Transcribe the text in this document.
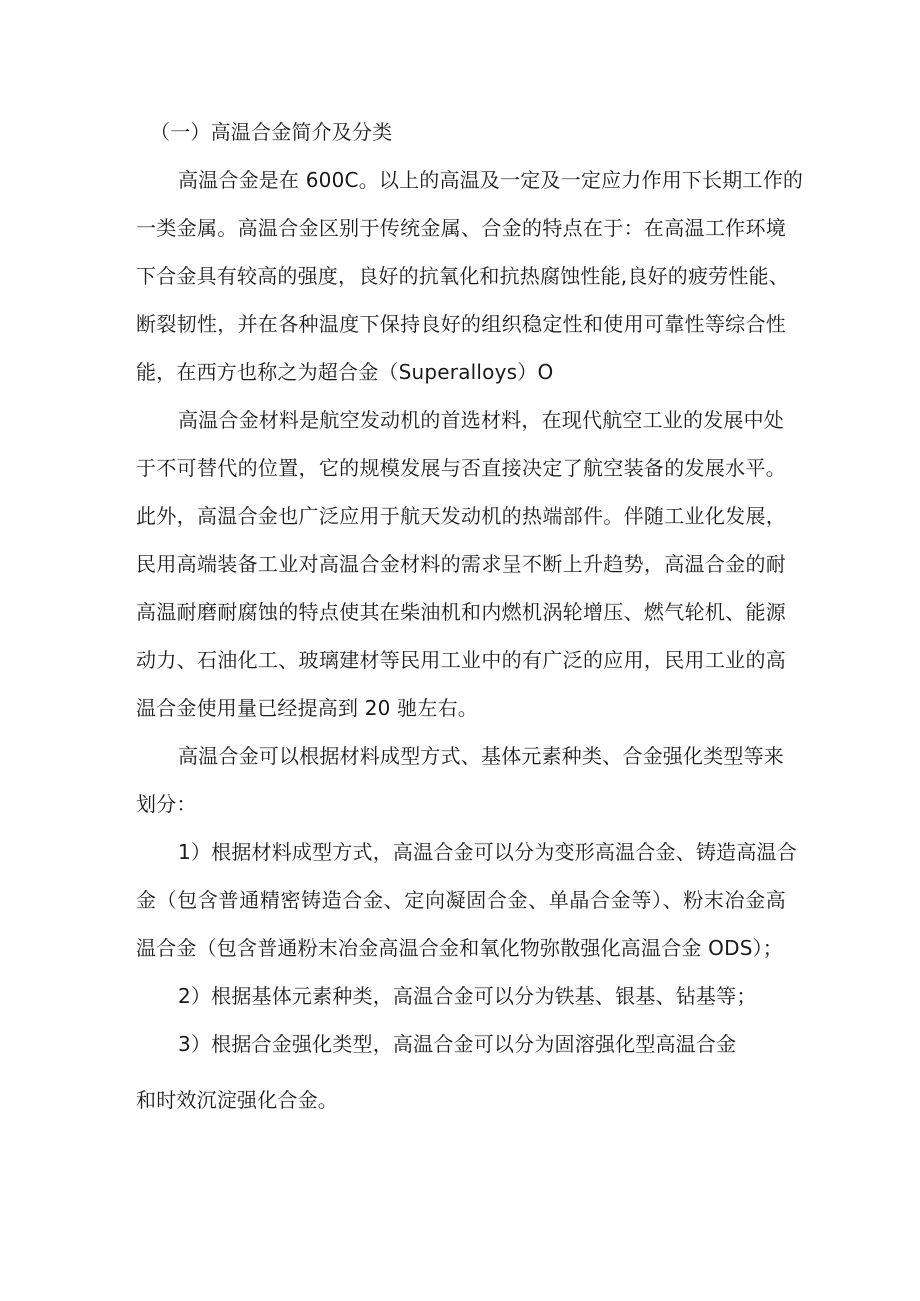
（一）高温合金简介及分类
高温合金是在 600C。以上的高温及一定及一定应力作用下长期工作的
一类金属。高温合金区别于传统金属、合金的特点在于：在高温工作环境
下合金具有较高的强度，良好的抗氧化和抗热腐蚀性能,良好的疲劳性能、
断裂韧性，并在各种温度下保持良好的组织稳定性和使用可靠性等综合性
能，在西方也称之为超合金（Superalloys）O
高温合金材料是航空发动机的首选材料，在现代航空工业的发展中处
于不可替代的位置，它的规模发展与否直接决定了航空装备的发展水平。
此外，高温合金也广泛应用于航天发动机的热端部件。伴随工业化发展，
民用高端装备工业对高温合金材料的需求呈不断上升趋势，高温合金的耐
高温耐磨耐腐蚀的特点使其在柴油机和内燃机涡轮增压、燃气轮机、能源
动力、石油化工、玻璃建材等民用工业中的有广泛的应用，民用工业的高
温合金使用量已经提高到 20 驰左右。
高温合金可以根据材料成型方式、基体元素种类、合金强化类型等来
划分：
1）根据材料成型方式，高温合金可以分为变形高温合金、铸造高温合
金（包含普通精密铸造合金、定向凝固合金、单晶合金等）、粉末冶金高
温合金（包含普通粉末冶金高温合金和氧化物弥散强化高温合金 ODS）；
2）根据基体元素种类，高温合金可以分为铁基、银基、钻基等；
3）根据合金强化类型，高温合金可以分为固溶强化型高温合金
和时效沉淀强化合金。
